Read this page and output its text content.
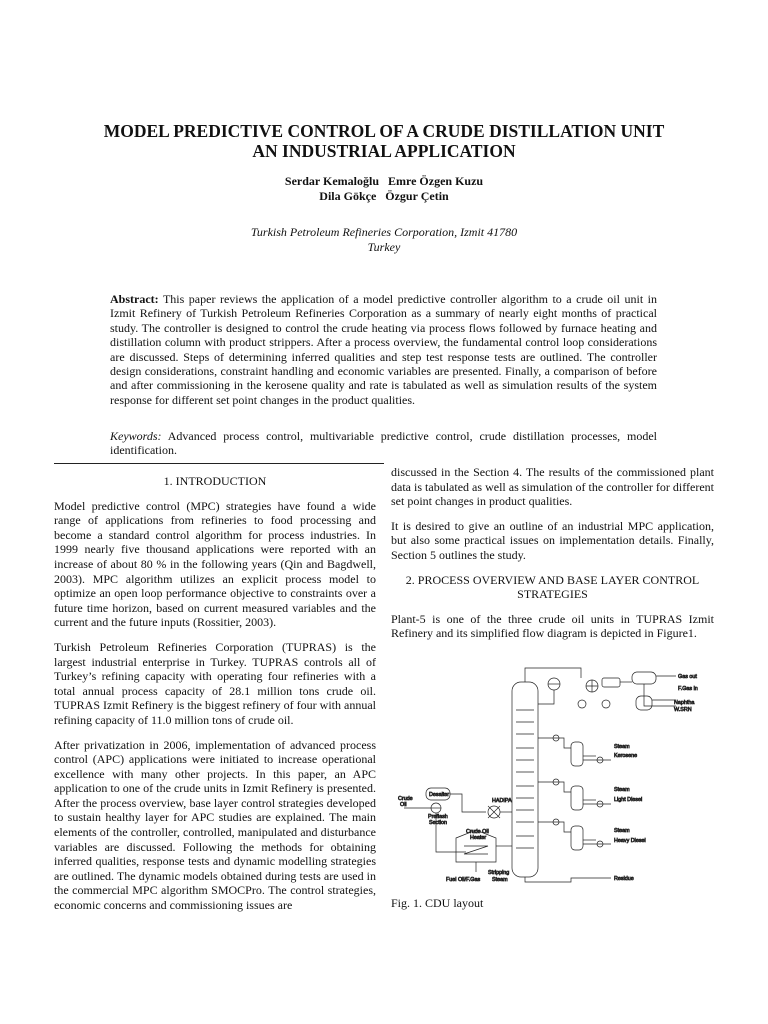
MODEL PREDICTIVE CONTROL OF A CRUDE DISTILLATION UNIT
AN INDUSTRIAL APPLICATION
Serdar Kemaloğlu   Emre Özgen Kuzu
Dila Gökçe   Özgur Çetin
Turkish Petroleum Refineries Corporation, Izmit 41780
Turkey

Abstract: This paper reviews the application of a model predictive controller algorithm to a crude oil unit in Izmit Refinery of Turkish Petroleum Refineries Corporation as a summary of nearly eight months of practical study. The controller is designed to control the crude heating via process flows followed by furnace heating and distillation column with product strippers. After a process overview, the fundamental control loop considerations are discussed. Steps of determining inferred qualities and step test response tests are outlined. The controller design considerations, constraint handling and economic variables are presented. Finally, a comparison of before and after commissioning in the kerosene quality and rate is tabulated as well as simulation results of the system response for different set point changes in the product qualities.

Keywords: Advanced process control, multivariable predictive control, crude distillation processes, model identification.

1. INTRODUCTION

Model predictive control (MPC) strategies have found a wide range of applications from refineries to food processing and become a standard control algorithm for process industries. In 1999 nearly five thousand applications were reported with an increase of about 80 % in the following years (Qin and Bagdwell, 2003). MPC algorithm utilizes an explicit process model to optimize an open loop performance objective to constraints over a future time horizon, based on current measured variables and the current and the future inputs (Rossitier, 2003).

Turkish Petroleum Refineries Corporation (TUPRAS) is the largest industrial enterprise in Turkey. TUPRAS controls all of Turkey’s refining capacity with operating four refineries with a total annual process capacity of 28.1 million tons crude oil. TUPRAS Izmit Refinery is the biggest refinery of four with annual refining capacity of 11.0 million tons of crude oil.

After privatization in 2006, implementation of advanced process control (APC) applications were initiated to increase operational excellence with many other projects. In this paper, an APC application to one of the crude units in Izmit Refinery is presented. After the process overview, base layer control strategies developed to sustain healthy layer for APC studies are explained. The main elements of the controller, controlled, manipulated and disturbance variables are discussed. Following the methods for obtaining inferred qualities, response tests and dynamic modelling strategies are outlined. The dynamic models obtained during tests are used in the commercial MPC algorithm SMOCPro. The control strategies, economic concerns and commissioning issues are

discussed in the Section 4. The results of the commissioned plant data is tabulated as well as simulation of the controller for different set point changes in product qualities.

It is desired to give an outline of an industrial MPC application, but also some practical issues on implementation details. Finally, Section 5 outlines the study.

2. PROCESS OVERVIEW AND BASE LAYER CONTROL STRATEGIES

Plant-5 is one of the three crude oil units in TUPRAS Izmit Refinery and its simplified flow diagram is depicted in Figure1.

Gas out
F.Gas in
Naphtha
W.SRN
Steam
Kerosene
Steam
Light Diesel
Steam
Heavy Diesel
Residue
Crude
Oil
Desalter
Preflash
Section
HADIPA
Crude Oil
Heater
Fuel Oil/F.Gas
Stripping
Steam
Fig. 1. CDU layout
